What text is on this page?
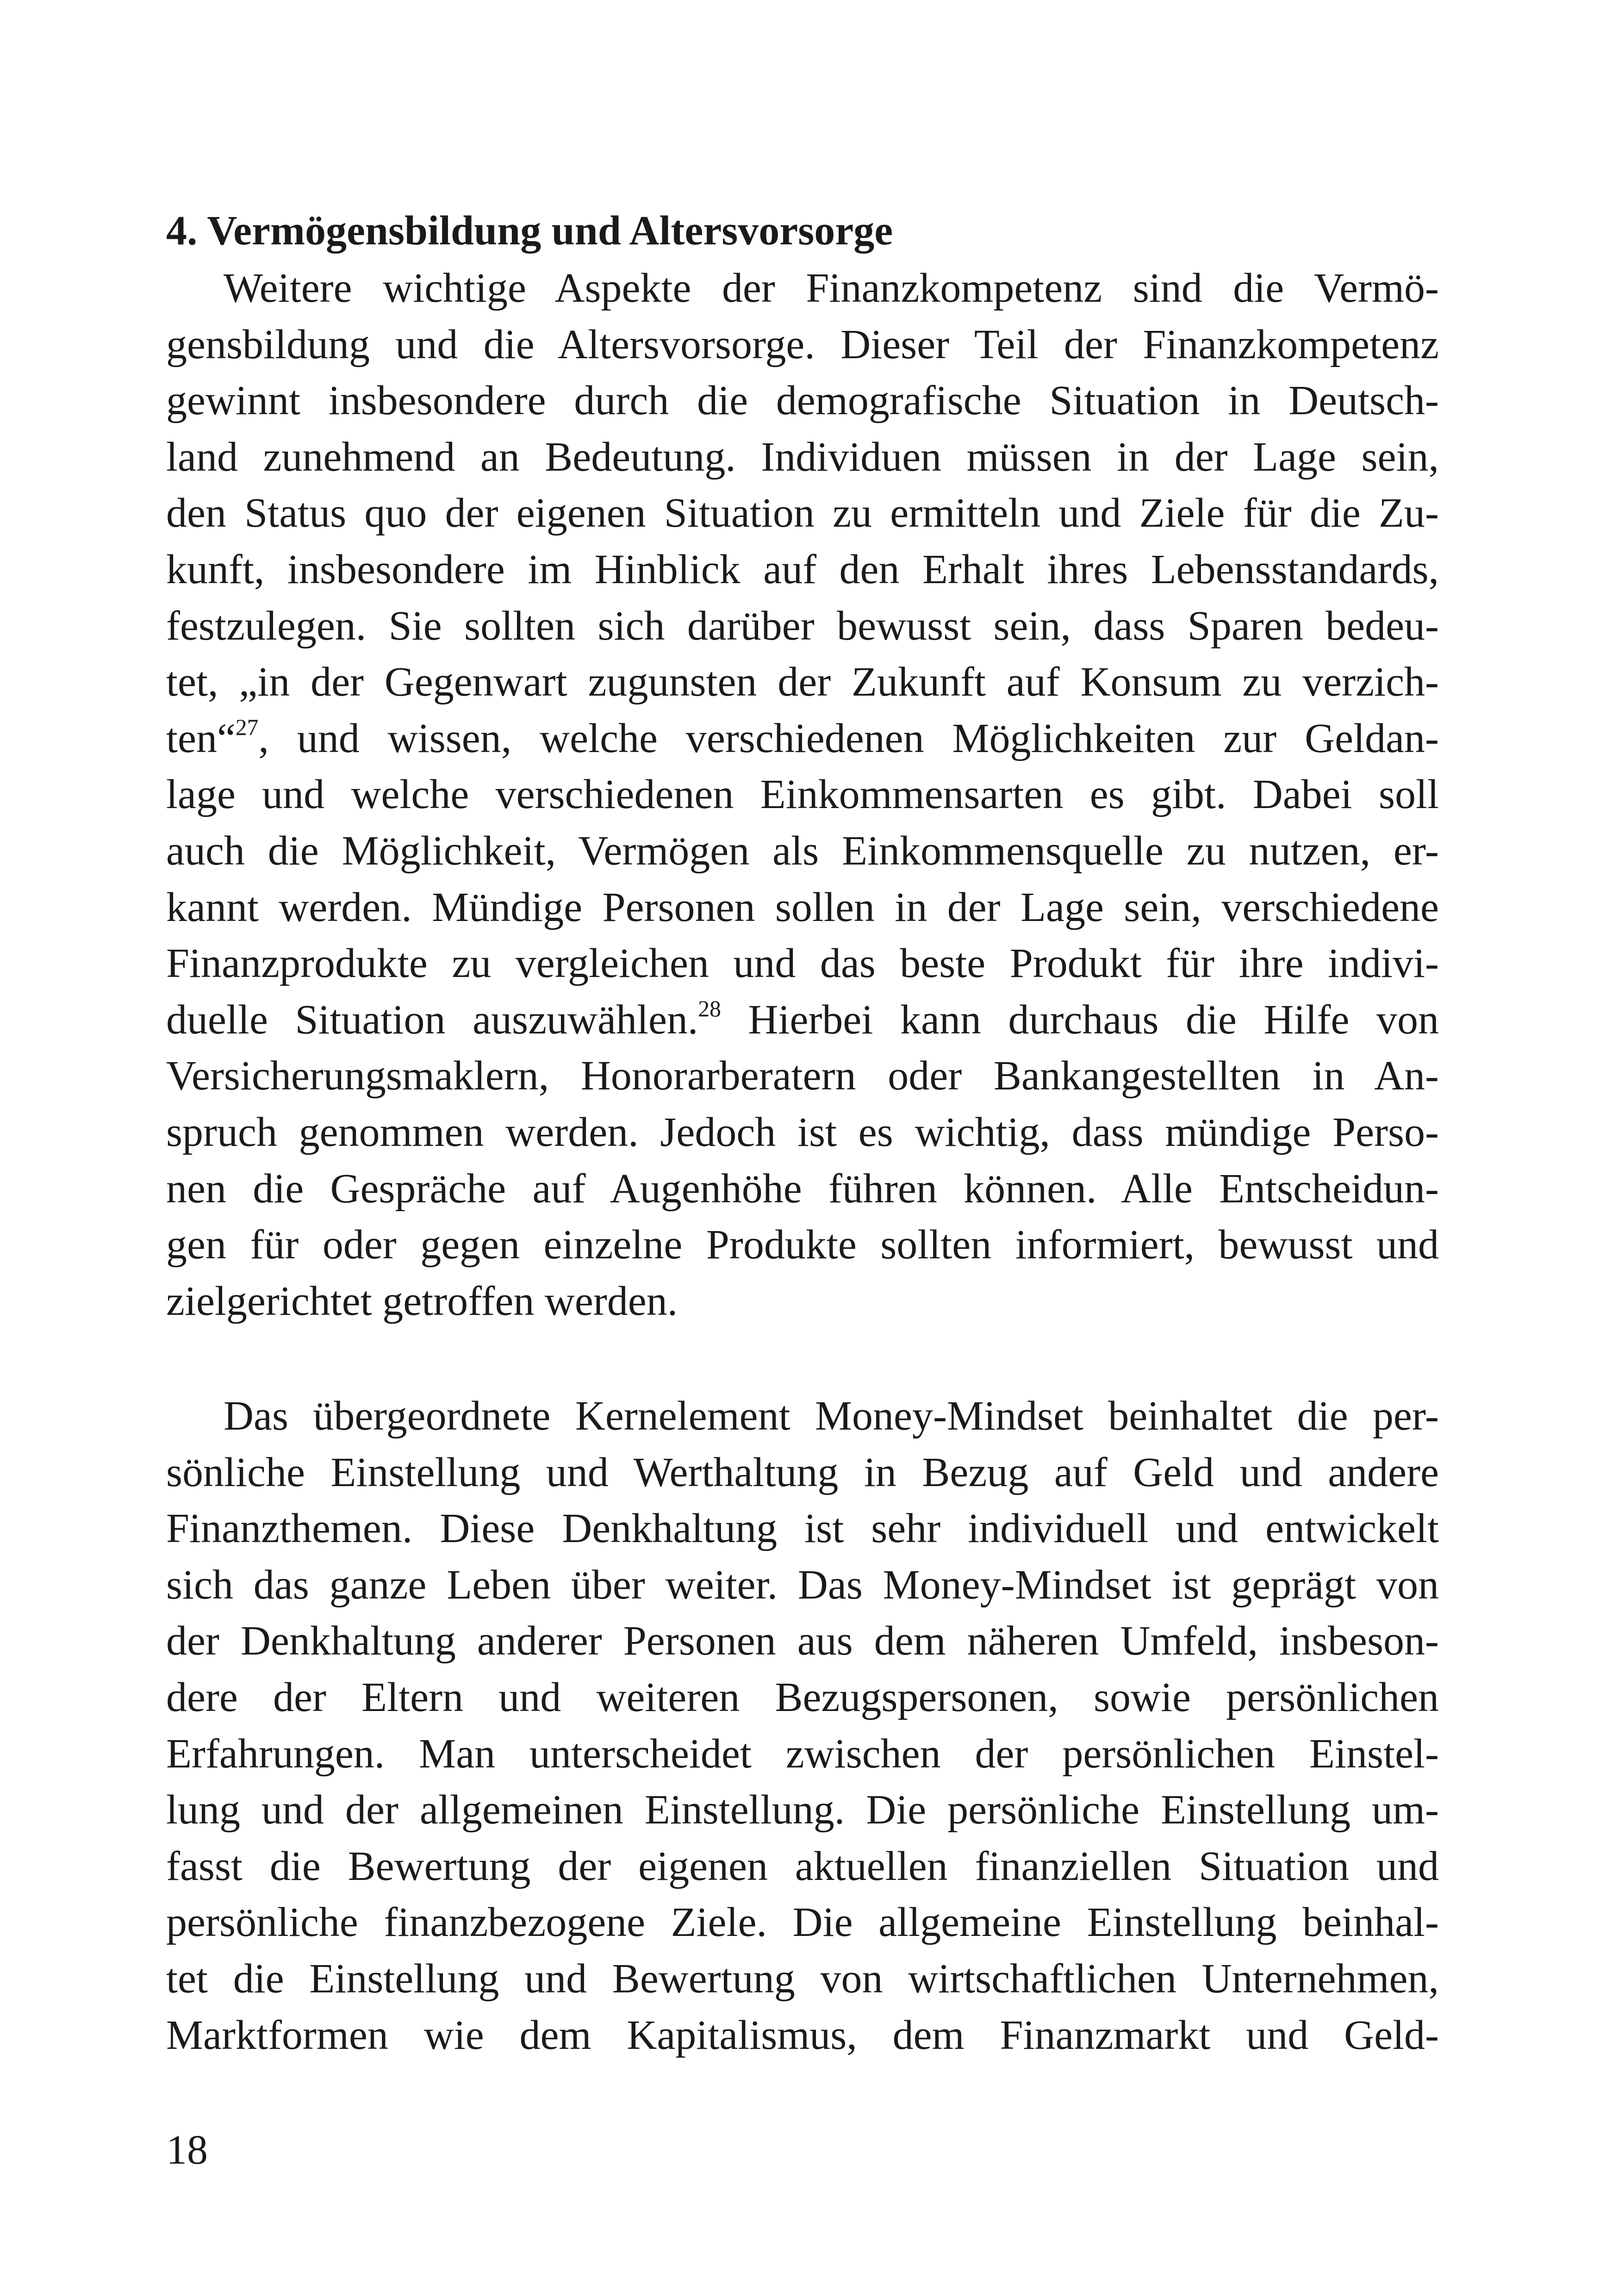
4. Vermögensbildung und Altersvorsorge
Weitere wichtige Aspekte der Finanzkompetenz sind die Vermö-
gensbildung und die Altersvorsorge. Dieser Teil der Finanzkompetenz
gewinnt insbesondere durch die demografische Situation in Deutsch-
land zunehmend an Bedeutung. Individuen müssen in der Lage sein,
den Status quo der eigenen Situation zu ermitteln und Ziele für die Zu-
kunft, insbesondere im Hinblick auf den Erhalt ihres Lebensstandards,
festzulegen. Sie sollten sich darüber bewusst sein, dass Sparen bedeu-
tet, „in der Gegenwart zugunsten der Zukunft auf Konsum zu verzich-
ten“$^{27}$, und wissen, welche verschiedenen Möglichkeiten zur Geldan-
lage und welche verschiedenen Einkommensarten es gibt. Dabei soll
auch die Möglichkeit, Vermögen als Einkommensquelle zu nutzen, er-
kannt werden. Mündige Personen sollen in der Lage sein, verschiedene
Finanzprodukte zu vergleichen und das beste Produkt für ihre indivi-
duelle Situation auszuwählen.$^{28}$ Hierbei kann durchaus die Hilfe von
Versicherungsmaklern, Honorarberatern oder Bankangestellten in An-
spruch genommen werden. Jedoch ist es wichtig, dass mündige Perso-
nen die Gespräche auf Augenhöhe führen können. Alle Entscheidun-
gen für oder gegen einzelne Produkte sollten informiert, bewusst und
zielgerichtet getroffen werden.
Das übergeordnete Kernelement Money-Mindset beinhaltet die per-
sönliche Einstellung und Werthaltung in Bezug auf Geld und andere
Finanzthemen. Diese Denkhaltung ist sehr individuell und entwickelt
sich das ganze Leben über weiter. Das Money-Mindset ist geprägt von
der Denkhaltung anderer Personen aus dem näheren Umfeld, insbeson-
dere der Eltern und weiteren Bezugspersonen, sowie persönlichen
Erfahrungen. Man unterscheidet zwischen der persönlichen Einstel-
lung und der allgemeinen Einstellung. Die persönliche Einstellung um-
fasst die Bewertung der eigenen aktuellen finanziellen Situation und
persönliche finanzbezogene Ziele. Die allgemeine Einstellung beinhal-
tet die Einstellung und Bewertung von wirtschaftlichen Unternehmen,
Marktformen wie dem Kapitalismus, dem Finanzmarkt und Geld-
18
